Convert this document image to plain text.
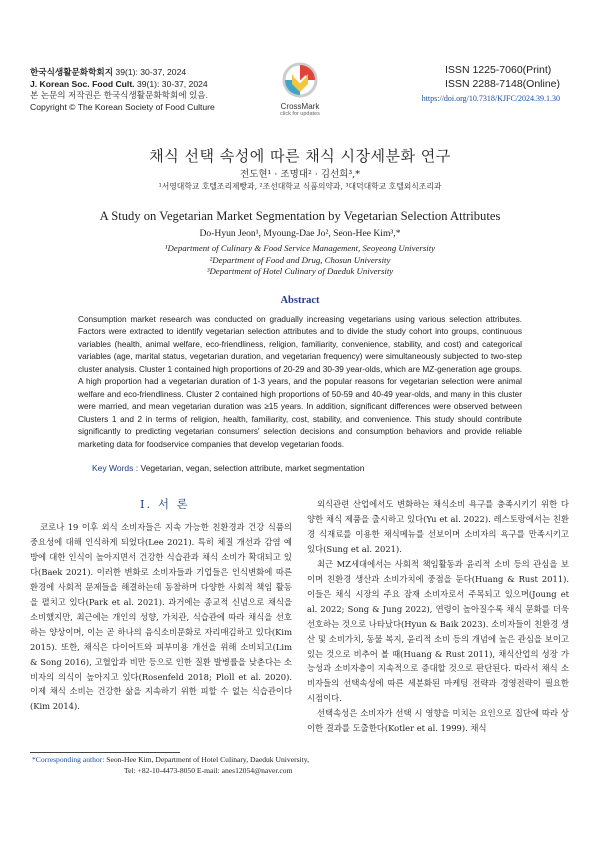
한국식생활문화학회지 39(1): 30-37, 2024
J. Korean Soc. Food Cult. 39(1): 30-37, 2024
본 논문의 저작권은 한국식생활문화학회에 있음.
Copyright © The Korean Society of Food Culture	CrossMark
click for updates
ISSN 1225-7060(Print)
ISSN 2288-7148(Online)
https://doi.org/10.7318/KJFC/2024.39.1.30
채식 선택 속성에 따른 채식 시장세분화 연구
전도현¹ · 조명대² · 김선희³,*
¹서영대학교 호텔조리제빵과, ²조선대학교 식품의약과, ³대덕대학교 호텔외식조리과
A Study on Vegetarian Market Segmentation by Vegetarian Selection Attributes
Do-Hyun Jeon¹, Myoung-Dae Jo², Seon-Hee Kim³,*
¹Department of Culinary & Food Service Management, Seoyeong University
²Department of Food and Drug, Chosun University
³Department of Hotel Culinary of Daeduk University
Abstract
Consumption market research was conducted on gradually increasing vegetarians using various selection attributes. Factors were extracted to identify vegetarian selection attributes and to divide the study cohort into groups, continuous variables (health, animal welfare, eco-friendliness, religion, familiarity, convenience, stability, and cost) and categorical variables (age, marital status, vegetarian duration, and vegetarian frequency) were simultaneously subjected to two-step cluster analysis. Cluster 1 contained high proportions of 20-29 and 30-39 year-olds, which are MZ-generation age groups. A high proportion had a vegetarian duration of 1-3 years, and the popular reasons for vegetarian selection were animal welfare and eco-friendliness. Cluster 2 contained high proportions of 50-59 and 40-49 year-olds, and many in this cluster were married, and mean vegetarian duration was ≥15 years. In addition, significant differences were observed between Clusters 1 and 2 in terms of religion, health, familiarity, cost, stability, and convenience. This study should contribute significantly to predicting vegetarian consumers' selection decisions and consumption behaviors and provide reliable marketing data for foodservice companies that develop vegetarian foods.
Key Words : Vegetarian, vegan, selection attribute, market segmentation
Ⅰ. 서 론

코로나 19 이후 외식 소비자들은 지속 가능한 친환경과 건강 식품의 중요성에 대해 인식하게 되었다(Lee 2021). 특히 체질 개선과 감염 예방에 대한 인식이 높아지면서 건강한 식습관과 채식 소비가 확대되고 있다(Baek 2021). 이러한 변화로 소비자들과 기업들은 인식변화에 따른 환경에 사회적 문제들을 해결하는데 동참하며 다양한 사회적 책임 활동을 펼치고 있다(Park et al. 2021). 과거에는 종교적 신념으로 채식을 소비했지만, 최근에는 개인의 성향, 가치관, 식습관에 따라 채식을 선호하는 양상이며, 이는 곧 하나의 음식소비문화로 자리매김하고 있다(Kim 2015). 또한, 채식은 다이어트와 피부미용 개선을 위해 소비되고(Lim & Song 2016), 고혈압과 비만 등으로 인한 질환 발병률을 낮춘다는 소비자의 의식이 높아지고 있다(Rosenfeld 2018; Ploll et al. 2020). 이제 채식 소비는 건강한 삶을 지속하기 위한 피할 수 없는 식습관이다(Kim 2014).

외식관련 산업에서도 변화하는 채식소비 욕구를 충족시키기 위한 다양한 채식 제품을 출시하고 있다(Yu et al. 2022). 레스토랑에서는 친환경 식재료를 이용한 채식메뉴를 선보이며 소비자의 욕구를 만족시키고 있다(Sung et al. 2021).

최근 MZ세대에서는 사회적 책임활동과 윤리적 소비 등의 관심을 보이며 친환경 생산과 소비가치에 중점을 둔다(Huang & Rust 2011). 이들은 채식 시장의 주요 잠재 소비자로서 주목되고 있으며(Joung et al. 2022; Song & Jung 2022), 연령이 높아질수록 채식 문화를 더욱 선호하는 것으로 나타났다(Hyun & Baik 2023). 소비자들이 친환경 생산 및 소비가치, 동물 복지, 윤리적 소비 등의 개념에 높은 관심을 보이고 있는 것으로 비추어 볼 때(Huang & Rust 2011), 채식산업의 성장 가능성과 소비자층이 지속적으로 증대할 것으로 판단된다. 따라서 채식 소비자들의 선택속성에 따른 세분화된 마케팅 전략과 경영전략이 필요한 시점이다.

선택속성은 소비자가 선택 시 영향을 미치는 요인으로 집단에 따라 상이한 결과를 도출한다(Kotler et al. 1999). 채식

*Corresponding author: Seon-Hee Kim, Department of Hotel Culinary, Daeduk University,
Tel: +82-10-4473-8050 E-mail: anes12054@naver.com
